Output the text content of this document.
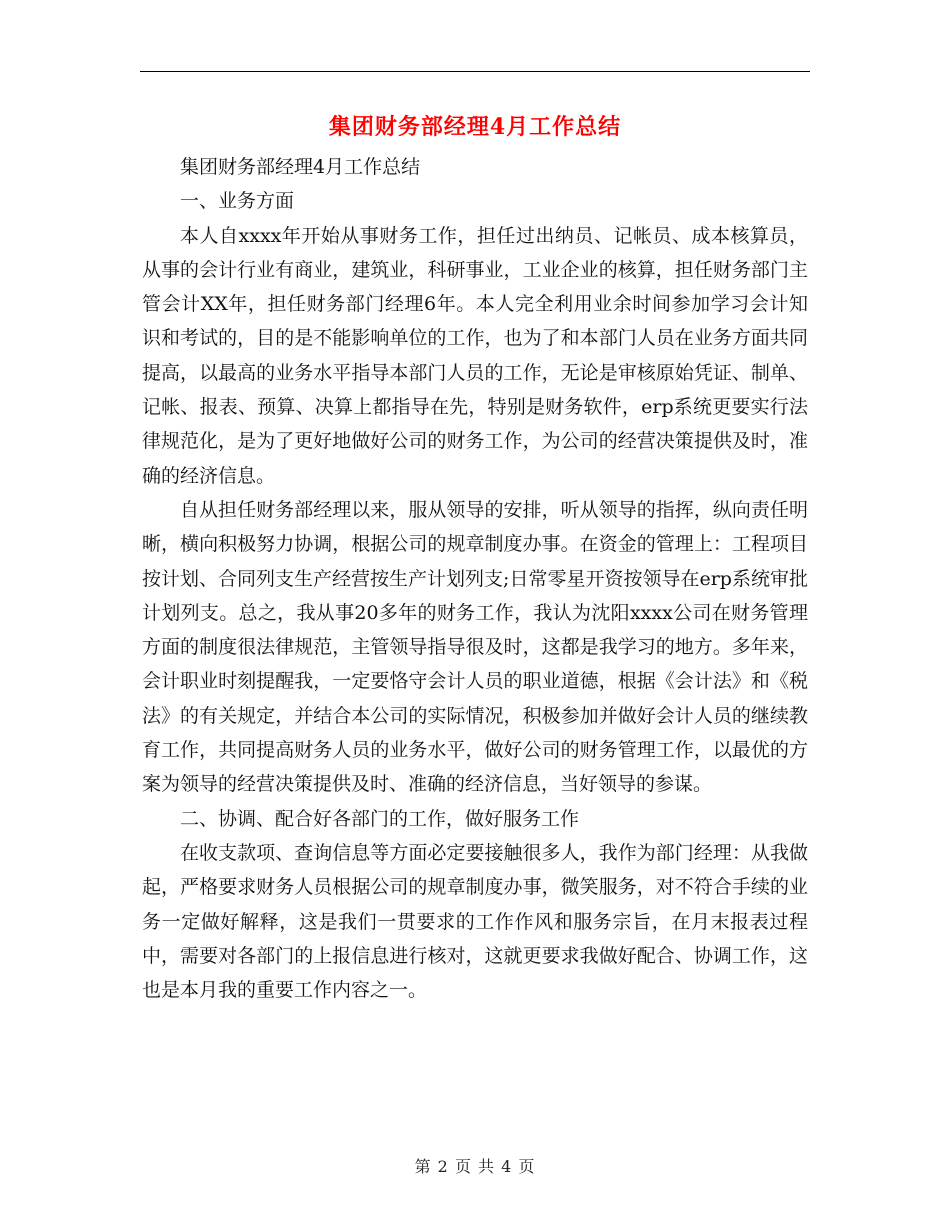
集团财务部经理4月工作总结

集团财务部经理4月工作总结

一、业务方面

本人自xxxx年开始从事财务工作，担任过出纳员、记帐员、成本核算员，从事的会计行业有商业，建筑业，科研事业，工业企业的核算，担任财务部门主管会计XX年，担任财务部门经理6年。本人完全利用业余时间参加学习会计知识和考试的，目的是不能影响单位的工作，也为了和本部门人员在业务方面共同提高，以最高的业务水平指导本部门人员的工作，无论是审核原始凭证、制单、记帐、报表、预算、决算上都指导在先，特别是财务软件，erp系统更要实行法律规范化，是为了更好地做好公司的财务工作，为公司的经营决策提供及时，准确的经济信息。

自从担任财务部经理以来，服从领导的安排，听从领导的指挥，纵向责任明晰，横向积极努力协调，根据公司的规章制度办事。在资金的管理上：工程项目按计划、合同列支生产经营按生产计划列支;日常零星开资按领导在erp系统审批计划列支。总之，我从事20多年的财务工作，我认为沈阳xxxx公司在财务管理方面的制度很法律规范，主管领导指导很及时，这都是我学习的地方。多年来，会计职业时刻提醒我，一定要恪守会计人员的职业道德，根据《会计法》和《税法》的有关规定，并结合本公司的实际情况，积极参加并做好会计人员的继续教育工作，共同提高财务人员的业务水平，做好公司的财务管理工作，以最优的方案为领导的经营决策提供及时、准确的经济信息，当好领导的参谋。

二、协调、配合好各部门的工作，做好服务工作

在收支款项、查询信息等方面必定要接触很多人，我作为部门经理：从我做起，严格要求财务人员根据公司的规章制度办事，微笑服务，对不符合手续的业务一定做好解释，这是我们一贯要求的工作作风和服务宗旨，在月末报表过程中，需要对各部门的上报信息进行核对，这就更要求我做好配合、协调工作，这也是本月我的重要工作内容之一。

第 2 页 共 4 页
